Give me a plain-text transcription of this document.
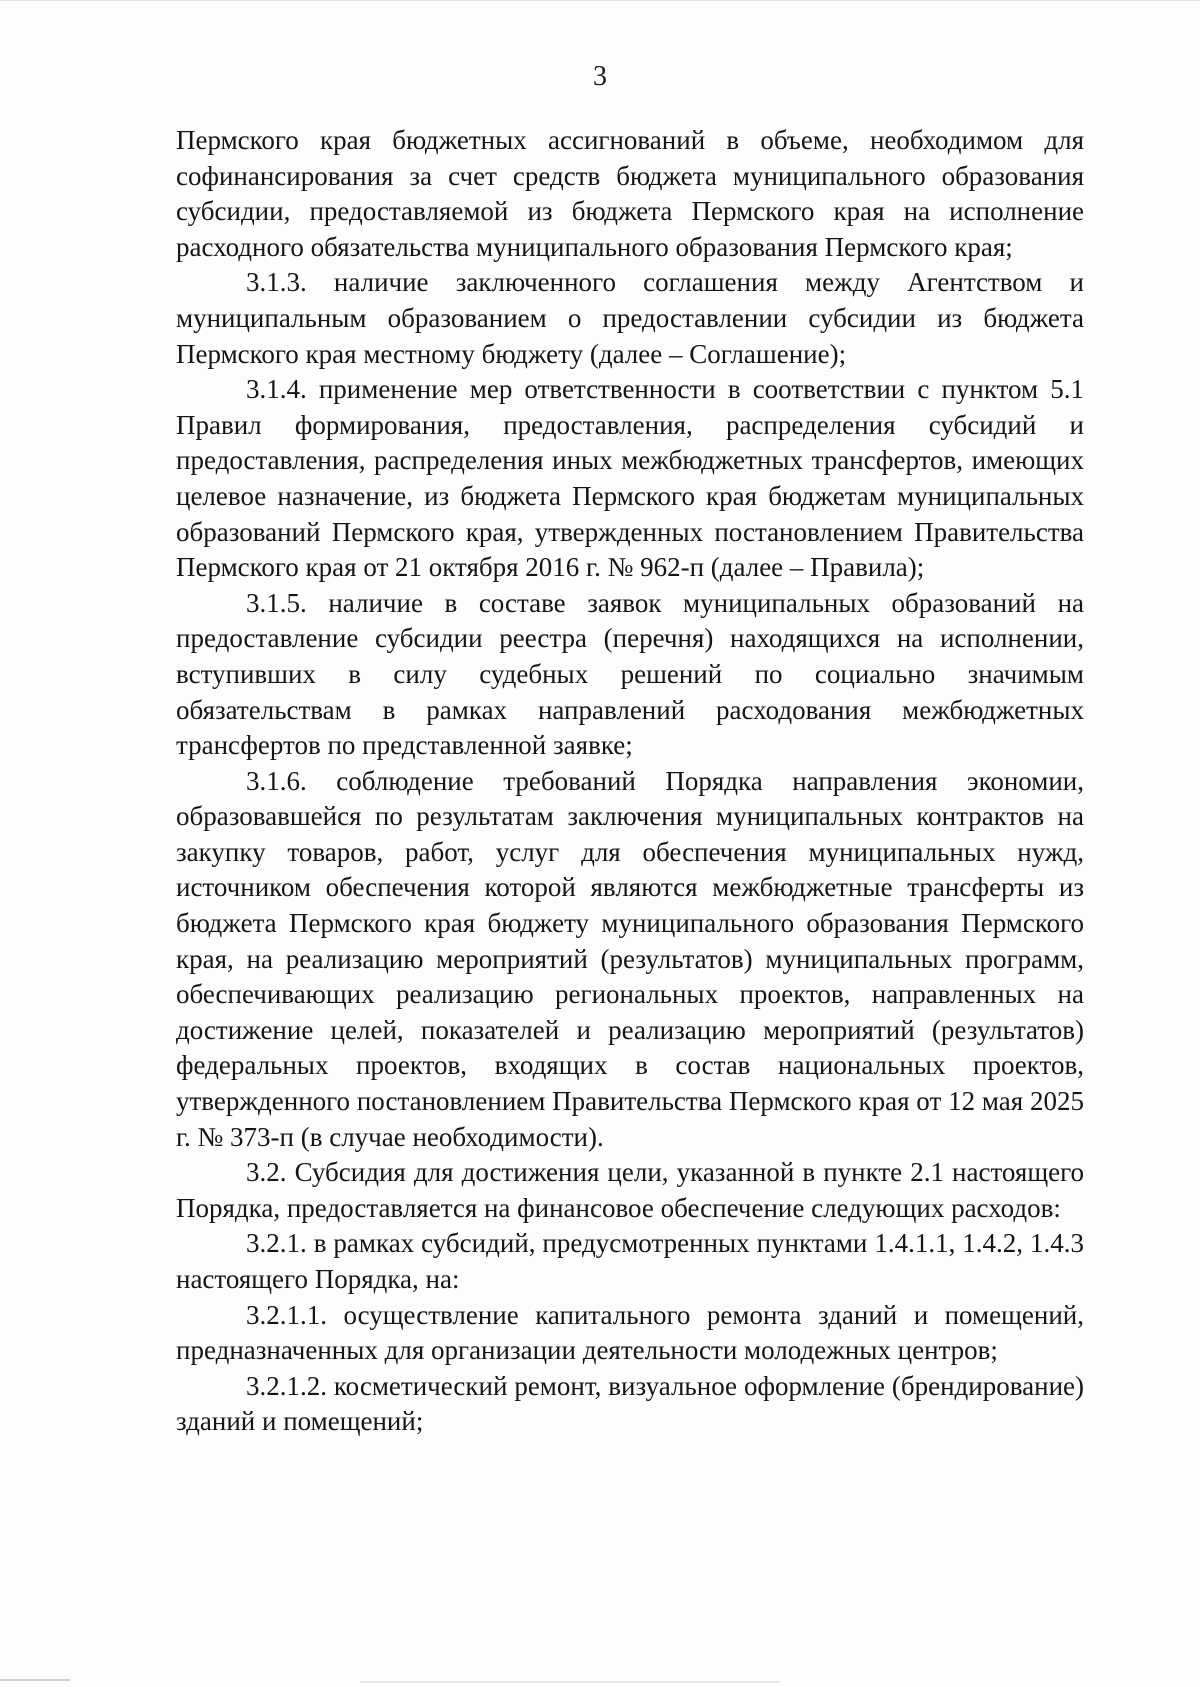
3

Пермского края бюджетных ассигнований в объеме, необходимом для софинансирования за счет средств бюджета муниципального образования субсидии, предоставляемой из бюджета Пермского края на исполнение расходного обязательства муниципального образования Пермского края;

3.1.3. наличие заключенного соглашения между Агентством и муниципальным образованием о предоставлении субсидии из бюджета Пермского края местному бюджету (далее – Соглашение);

3.1.4. применение мер ответственности в соответствии с пунктом 5.1 Правил формирования, предоставления, распределения субсидий и предоставления, распределения иных межбюджетных трансфертов, имеющих целевое назначение, из бюджета Пермского края бюджетам муниципальных образований Пермского края, утвержденных постановлением Правительства Пермского края от 21 октября 2016 г. № 962-п (далее – Правила);

3.1.5. наличие в составе заявок муниципальных образований на предоставление субсидии реестра (перечня) находящихся на исполнении, вступивших в силу судебных решений по социально значимым обязательствам в рамках направлений расходования межбюджетных трансфертов по представленной заявке;

3.1.6. соблюдение требований Порядка направления экономии, образовавшейся по результатам заключения муниципальных контрактов на закупку товаров, работ, услуг для обеспечения муниципальных нужд, источником обеспечения которой являются межбюджетные трансферты из бюджета Пермского края бюджету муниципального образования Пермского края, на реализацию мероприятий (результатов) муниципальных программ, обеспечивающих реализацию региональных проектов, направленных на достижение целей, показателей и реализацию мероприятий (результатов) федеральных проектов, входящих в состав национальных проектов, утвержденного постановлением Правительства Пермского края от 12 мая 2025 г. № 373-п (в случае необходимости).

3.2. Субсидия для достижения цели, указанной в пункте 2.1 настоящего Порядка, предоставляется на финансовое обеспечение следующих расходов:

3.2.1. в рамках субсидий, предусмотренных пунктами 1.4.1.1, 1.4.2, 1.4.3 настоящего Порядка, на:

3.2.1.1. осуществление капитального ремонта зданий и помещений, предназначенных для организации деятельности молодежных центров;

3.2.1.2. косметический ремонт, визуальное оформление (брендирование) зданий и помещений;
